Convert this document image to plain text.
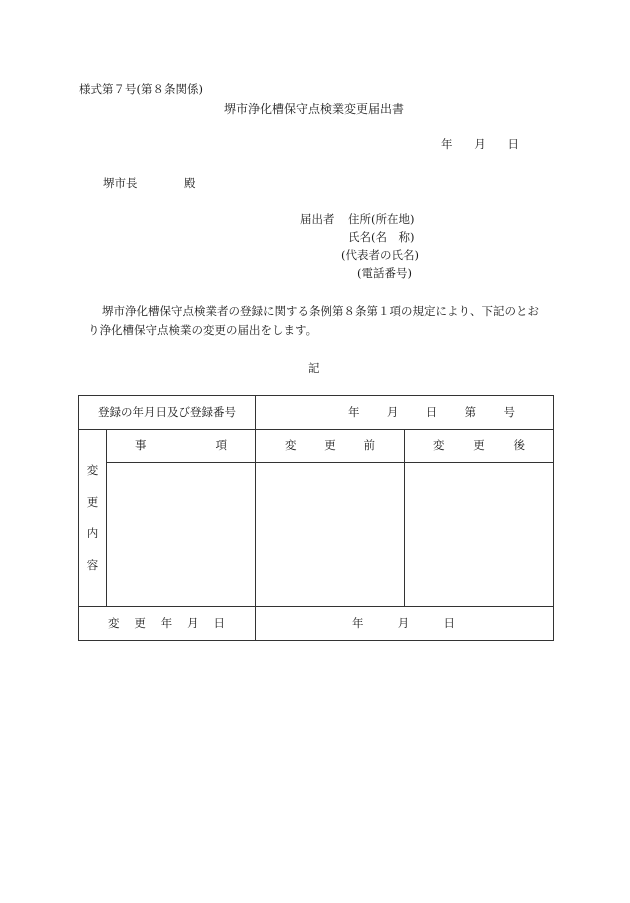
様式第７号(第８条関係)
堺市浄化槽保守点検業変更届出書
年 月 日
堺市長	殿
届出者 住所(所在地)
氏名(名　称)
(代表者の氏名)
(電話番号)
堺市浄化槽保守点検業者の登録に関する条例第８条第１項の規定により、下記のとお
り浄化槽保守点検業の変更の届出をします。
記
登録の年月日及び登録番号		年 月 日 第 号	

変
更
内
容	事 項	変 更 前	変 更 後

変 更 年 月 日		年 月 日	
